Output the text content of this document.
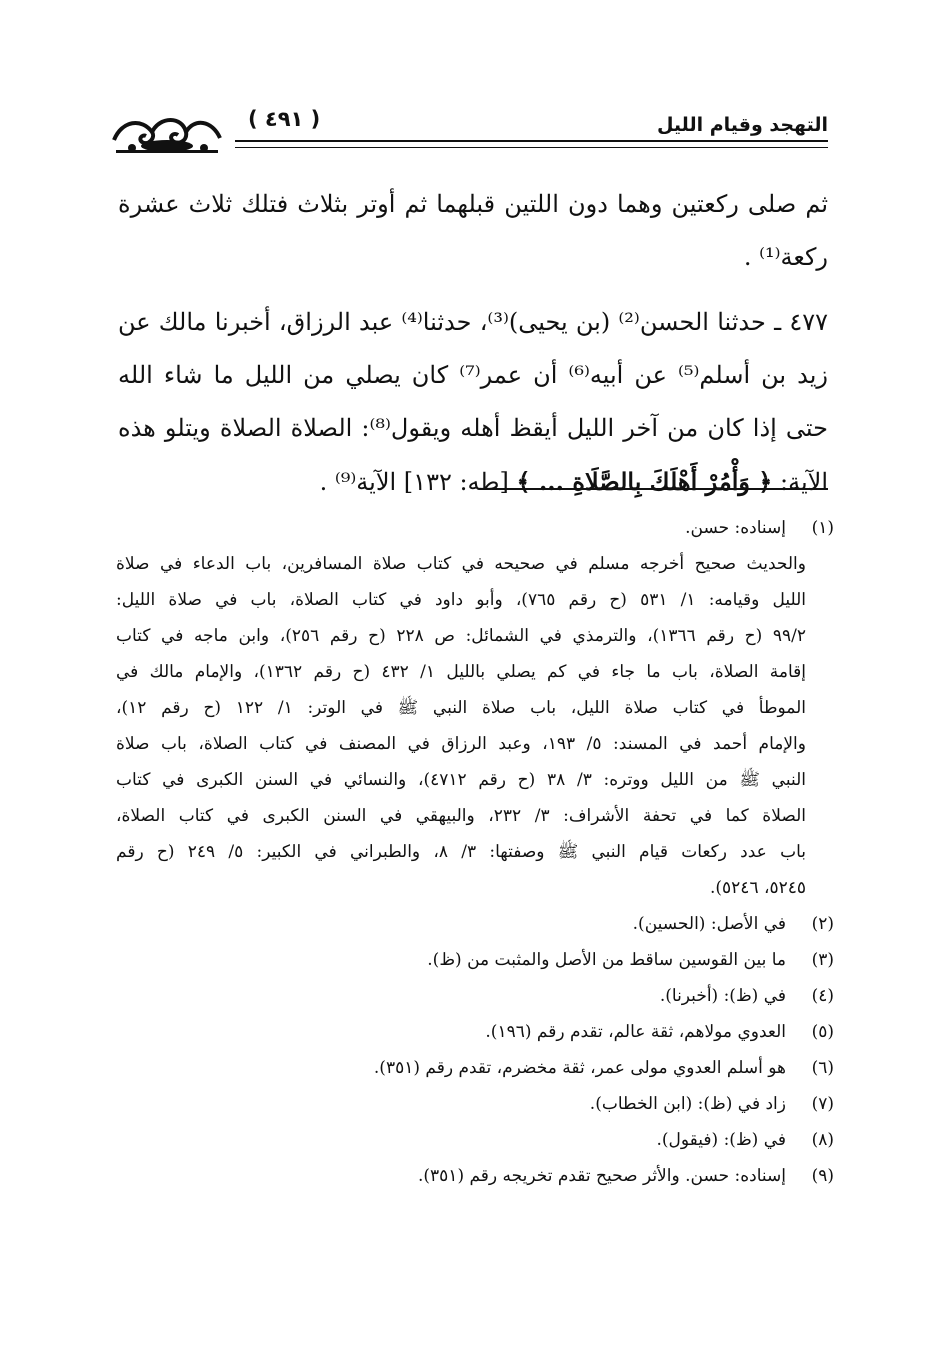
التهجد وقيام الليل
( ٤٩١ )

ثم صلى ركعتين وهما دون اللتين قبلهما ثم أوتر بثلاث فتلك ثلاث عشرة ركعة⁽¹⁾ .

٤٧٧ ـ حدثنا الحسن⁽²⁾ (بن يحيى)⁽³⁾، حدثنا⁽⁴⁾ عبد الرزاق، أخبرنا مالك عن زيد بن أسلم⁽⁵⁾ عن أبيه⁽⁶⁾ أن عمر⁽⁷⁾ كان يصلي من الليل ما شاء الله حتى إذا كان من آخر الليل أيقظ أهله ويقول⁽⁸⁾: الصلاة الصلاة ويتلو هذه الآية: ﴿ وَأْمُرْ أَهْلَكَ بِالصَّلَاةِ ... ﴾ [طه: ١٣٢] الآية⁽⁹⁾ .

(١)
إسناده: حسن.
والحديث صحيح أخرجه مسلم في صحيحه في كتاب صلاة المسافرين، باب الدعاء في صلاة
الليل وقيامه: ١/ ٥٣١ (ح رقم ٧٦٥)، وأبو داود في كتاب الصلاة، باب في صلاة الليل:
٩٩/٢ (ح رقم ١٣٦٦)، والترمذي في الشمائل: ص ٢٢٨ (ح رقم ٢٥٦)، وابن ماجه في كتاب
إقامة الصلاة، باب ما جاء في كم يصلي بالليل ١/ ٤٣٢ (ح رقم ١٣٦٢)، والإمام مالك في
الموطأ في كتاب صلاة الليل، باب صلاة النبي ﷺ في الوتر: ١/ ١٢٢ (ح رقم ١٢)،
والإمام أحمد في المسند: ٥/ ١٩٣، وعبد الرزاق في المصنف في كتاب الصلاة، باب صلاة
النبي ﷺ من الليل ووتره: ٣/ ٣٨ (ح رقم ٤٧١٢)، والنسائي في السنن الكبرى في كتاب
الصلاة كما في تحفة الأشراف: ٣/ ٢٣٢، والبيهقي في السنن الكبرى في كتاب الصلاة،
باب عدد ركعات قيام النبي ﷺ وصفتها: ٣/ ٨، والطبراني في الكبير: ٥/ ٢٤٩ (ح رقم
٥٢٤٥، ٥٢٤٦).
(٢)
في الأصل: (الحسين).
(٣)
ما بين القوسين ساقط من الأصل والمثبت من (ظ).
(٤)
في (ظ): (أخبرنا).
(٥)
العدوي مولاهم، ثقة عالم، تقدم رقم (١٩٦).
(٦)
هو أسلم العدوي مولى عمر، ثقة مخضرم، تقدم رقم (٣٥١).
(٧)
زاد في (ظ): (ابن الخطاب).
(٨)
في (ظ): (فيقول).
(٩)
إسناده: حسن. والأثر صحيح تقدم تخريجه رقم (٣٥١).
